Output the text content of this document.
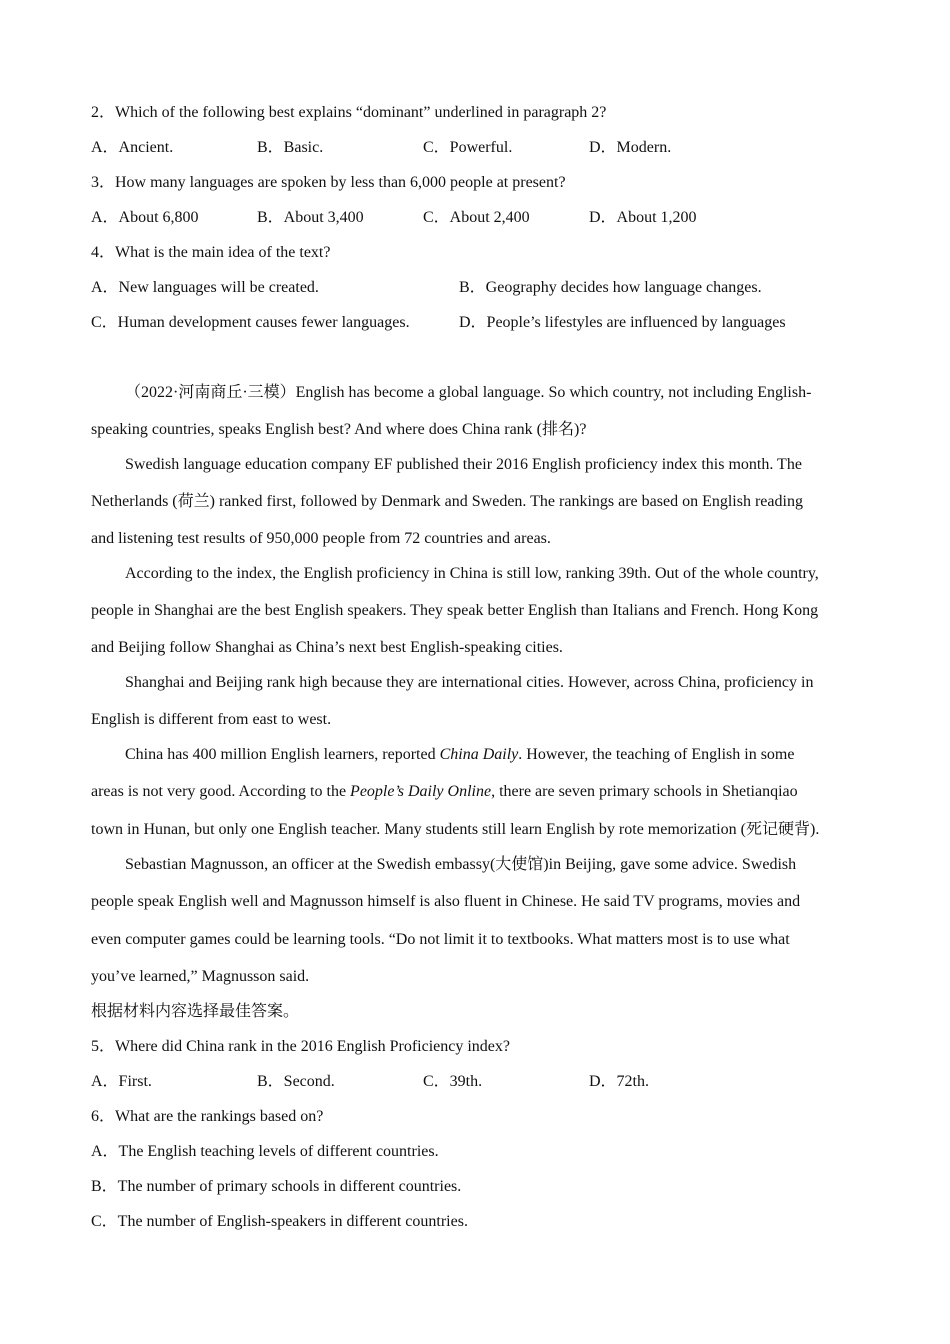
2．Which of the following best explains “dominant” underlined in paragraph 2?
A．Ancient.	B．Basic.	C．Powerful.	D．Modern.
3．How many languages are spoken by less than 6,000 people at present?
A．About 6,800	B．About 3,400	C．About 2,400	D．About 1,200
4．What is the main idea of the text?
A．New languages will be created.	B．Geography decides how language changes.
C．Human development causes fewer languages.	D．People’s lifestyles are influenced by languages
（2022·河南商丘·三模）English has become a global language. So which country, not including English-
speaking countries, speaks English best? And where does China rank (排名)?
Swedish language education company EF published their 2016 English proficiency index this month. The
Netherlands (荷兰) ranked first, followed by Denmark and Sweden. The rankings are based on English reading
and listening test results of 950,000 people from 72 countries and areas.
According to the index, the English proficiency in China is still low, ranking 39th. Out of the whole country,
people in Shanghai are the best English speakers. They speak better English than Italians and French. Hong Kong
and Beijing follow Shanghai as China’s next best English-speaking cities.
Shanghai and Beijing rank high because they are international cities. However, across China, proficiency in
English is different from east to west.
China has 400 million English learners, reported China Daily. However, the teaching of English in some
areas is not very good. According to the People’s Daily Online, there are seven primary schools in Shetianqiao
town in Hunan, but only one English teacher. Many students still learn English by rote memorization (死记硬背).
Sebastian Magnusson, an officer at the Swedish embassy(大使馆)in Beijing, gave some advice. Swedish
people speak English well and Magnusson himself is also fluent in Chinese. He said TV programs, movies and
even computer games could be learning tools. “Do not limit it to textbooks. What matters most is to use what
you’ve learned,” Magnusson said.
根据材料内容选择最佳答案。
5．Where did China rank in the 2016 English Proficiency index?
A．First.	B．Second.	C．39th.	D．72th.
6．What are the rankings based on?
A．The English teaching levels of different countries.
B．The number of primary schools in different countries.
C．The number of English-speakers in different countries.
